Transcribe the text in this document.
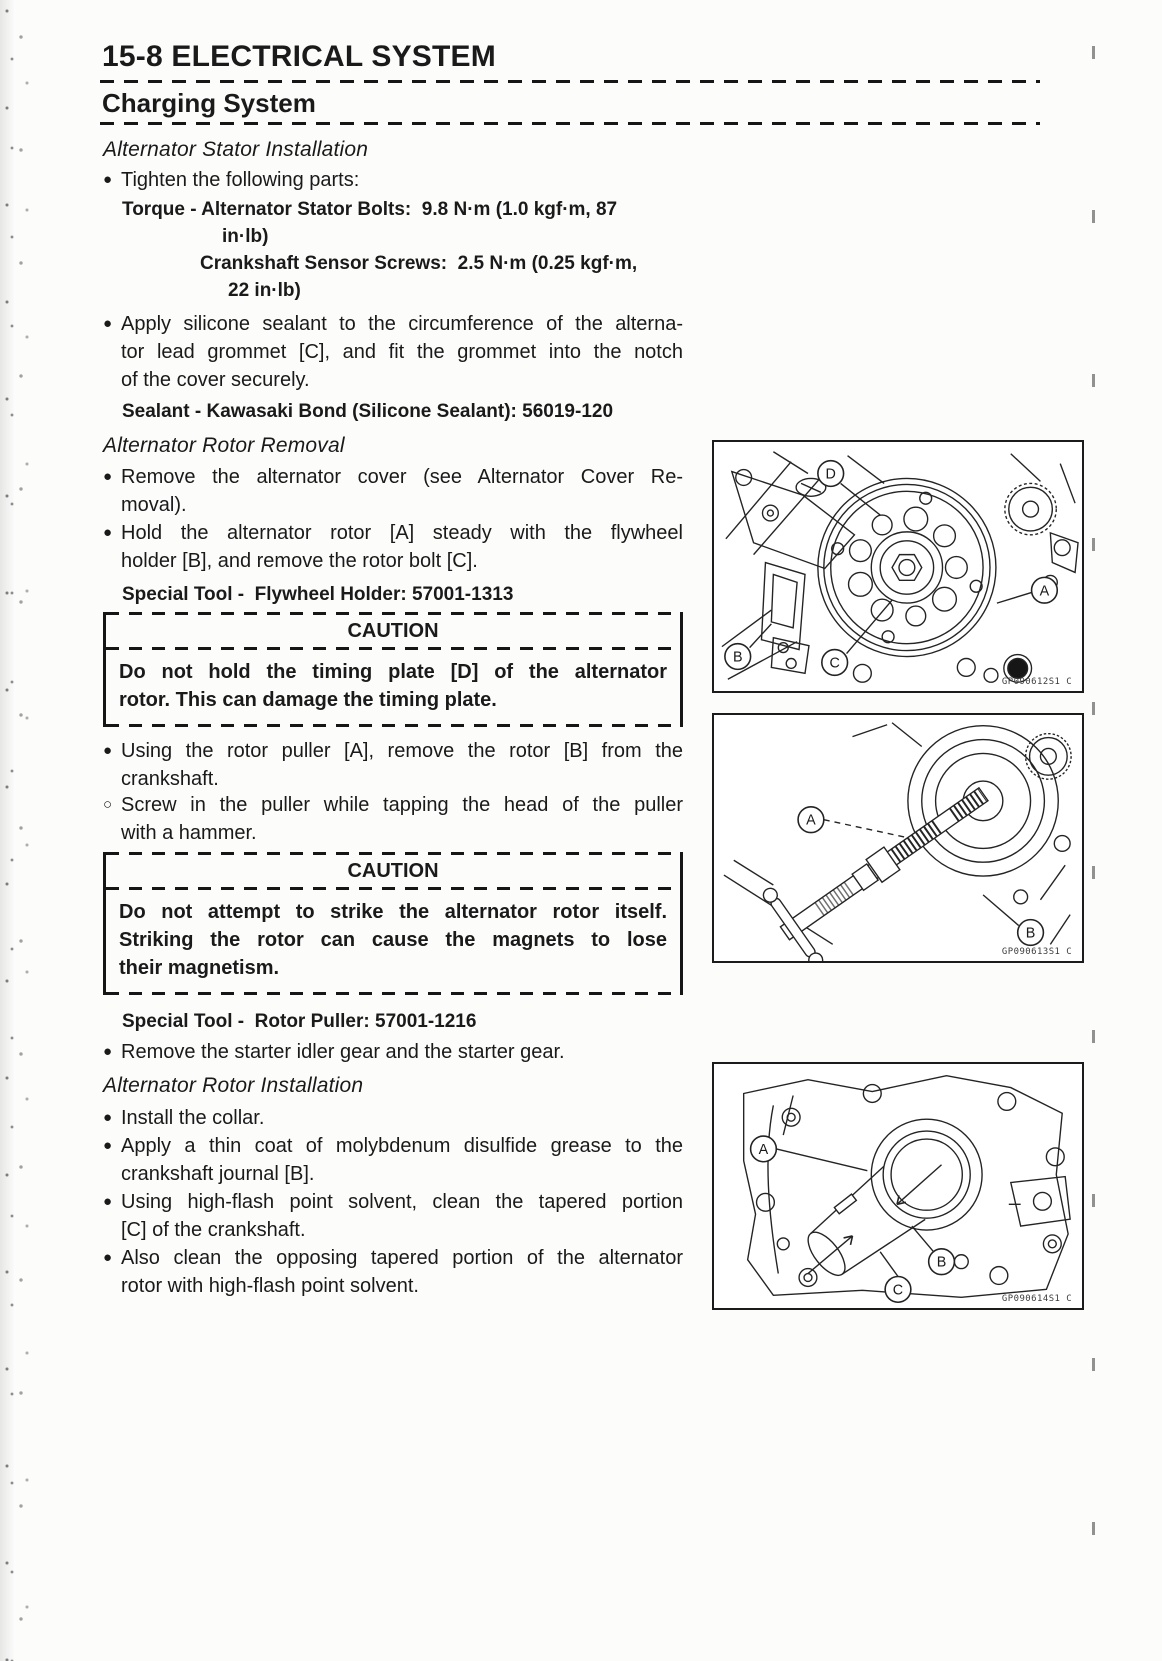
15-8 ELECTRICAL SYSTEM
Charging System
Alternator Stator Installation
● Tighten the following parts:

Torque - Alternator Stator Bolts:  9.8 N·m (1.0 kgf·m, 87

in·lb)

Crankshaft Sensor Screws:  2.5 N·m (0.25 kgf·m,

22 in·lb)

● Apply silicone sealant to the circumference of the alterna-
tor lead grommet [C], and fit the grommet into the notch
of the cover securely.

Sealant - Kawasaki Bond (Silicone Sealant): 56019-120

Alternator Rotor Removal
● Remove the alternator cover (see Alternator Cover Re-
moval).

● Hold the alternator rotor [A] steady with the flywheel
holder [B], and remove the rotor bolt [C].

Special Tool -  Flywheel Holder: 57001-1313

CAUTION

Do not hold the timing plate [D] of the alternator
rotor. This can damage the timing plate.

● Using the rotor puller [A], remove the rotor [B] from the
crankshaft.

○ Screw in the puller while tapping the head of the puller
with a hammer.

CAUTION

Do not attempt to strike the alternator rotor itself.
Striking the rotor can cause the magnets to lose
their magnetism.

Special Tool -  Rotor Puller: 57001-1216

● Remove the starter idler gear and the starter gear.

Alternator Rotor Installation
● Install the collar.

● Apply a thin coat of molybdenum disulfide grease to the
crankshaft journal [B].

● Using high-flash point solvent, clean the tapered portion
[C] of the crankshaft.

● Also clean the opposing tapered portion of the alternator
rotor with high-flash point solvent.

D
A
B	C
GP090612S1 C
A
B
GP090613S1 C
A
B
C
GP090614S1 C
